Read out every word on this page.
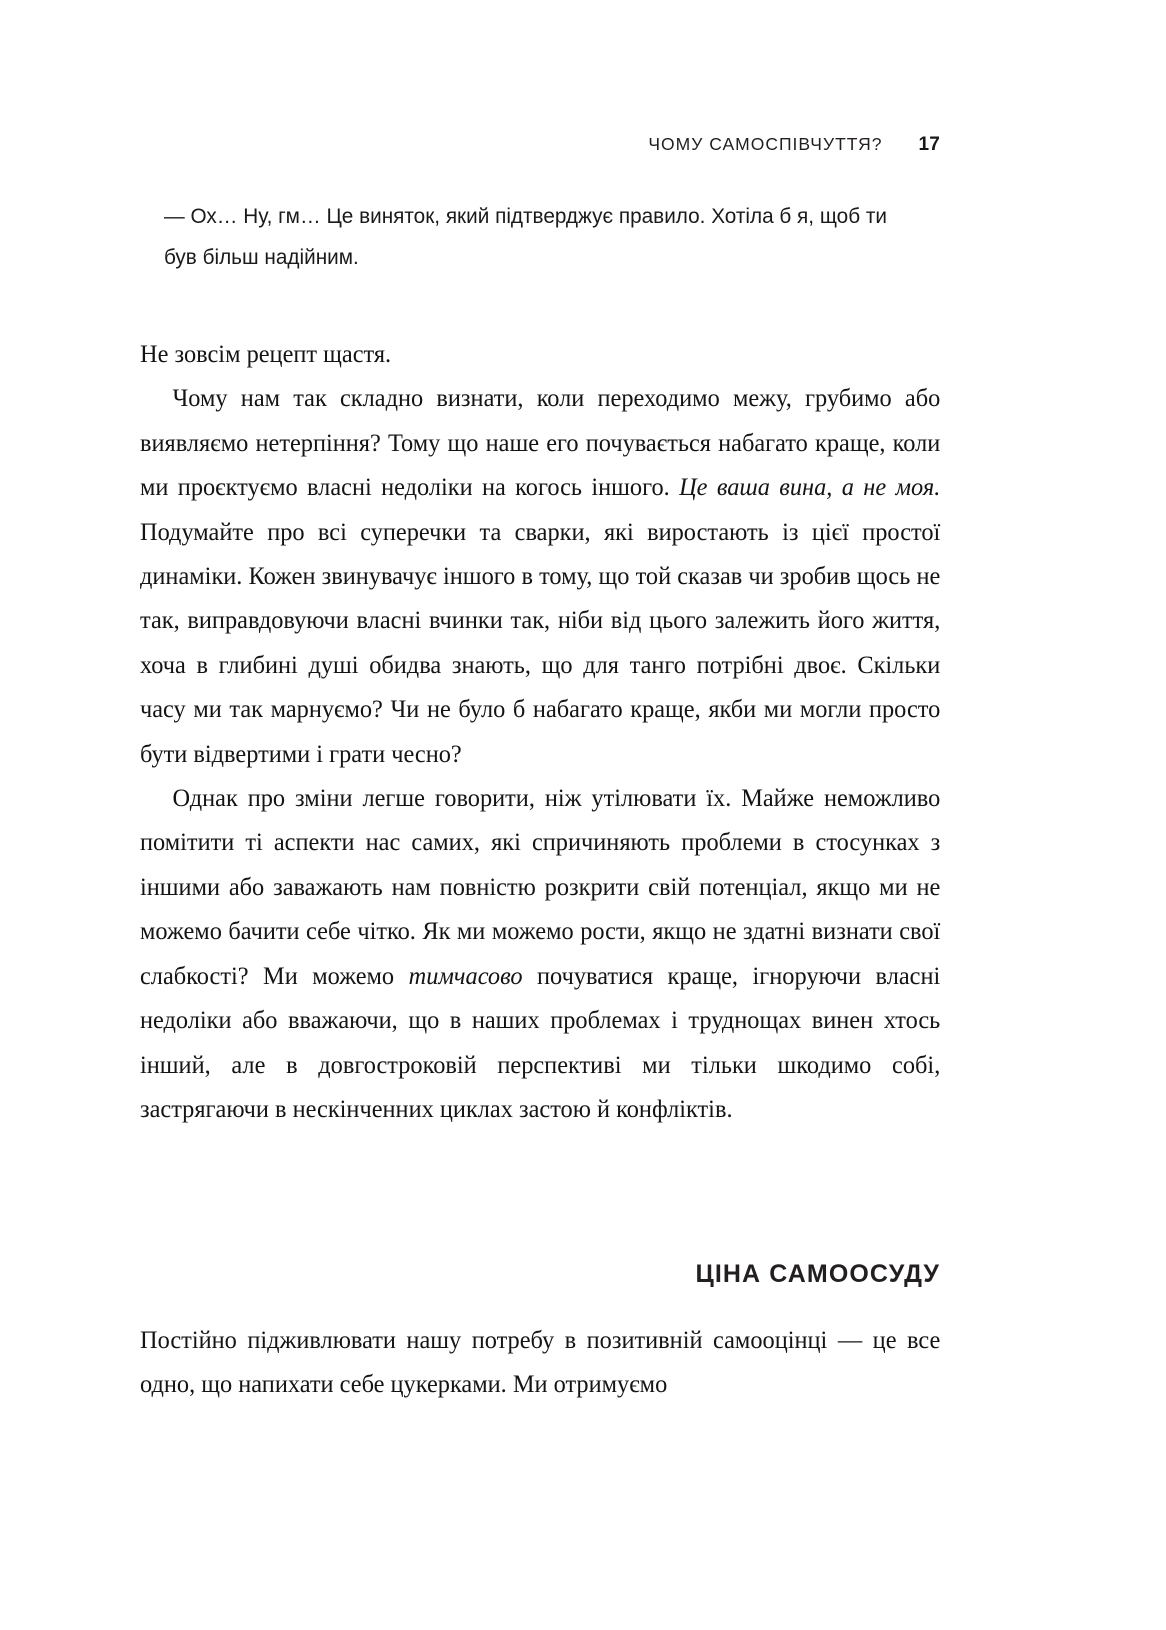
ЧОМУ САМОСПІВЧУТТЯ? 17

— Ох… Ну, гм… Це виняток, який підтверджує правило. Хотіла б я, щоб ти був більш надійним.

Не зовсім рецепт щастя.

Чому нам так складно визнати, коли переходимо межу, грубимо або виявляємо нетерпіння? Тому що наше его почувається набагато краще, коли ми проєктуємо власні недоліки на когось іншого. Це ваша вина, а не моя. Подумайте про всі суперечки та сварки, які виростають із цієї простої динаміки. Кожен звинувачує іншого в тому, що той сказав чи зробив щось не так, виправдовуючи власні вчинки так, ніби від цього залежить його життя, хоча в глибині душі обидва знають, що для танго потрібні двоє. Скільки часу ми так марнуємо? Чи не було б набагато краще, якби ми могли просто бути відвертими і грати чесно?

Однак про зміни легше говорити, ніж утілювати їх. Майже неможливо помітити ті аспекти нас самих, які спричиняють проблеми в стосунках з іншими або заважають нам повністю розкрити свій потенціал, якщо ми не можемо бачити себе чітко. Як ми можемо рости, якщо не здатні визнати свої слабкості? Ми можемо тимчасово почуватися краще, ігноруючи власні недоліки або вважаючи, що в наших проблемах і труднощах винен хтось інший, але в довгостроковій перспективі ми тільки шкодимо собі, застрягаючи в нескінченних циклах застою й конфліктів.

ЦІНА САМООСУДУ

Постійно підживлювати нашу потребу в позитивній самооцінці — це все одно, що напихати себе цукерками. Ми отримуємо
